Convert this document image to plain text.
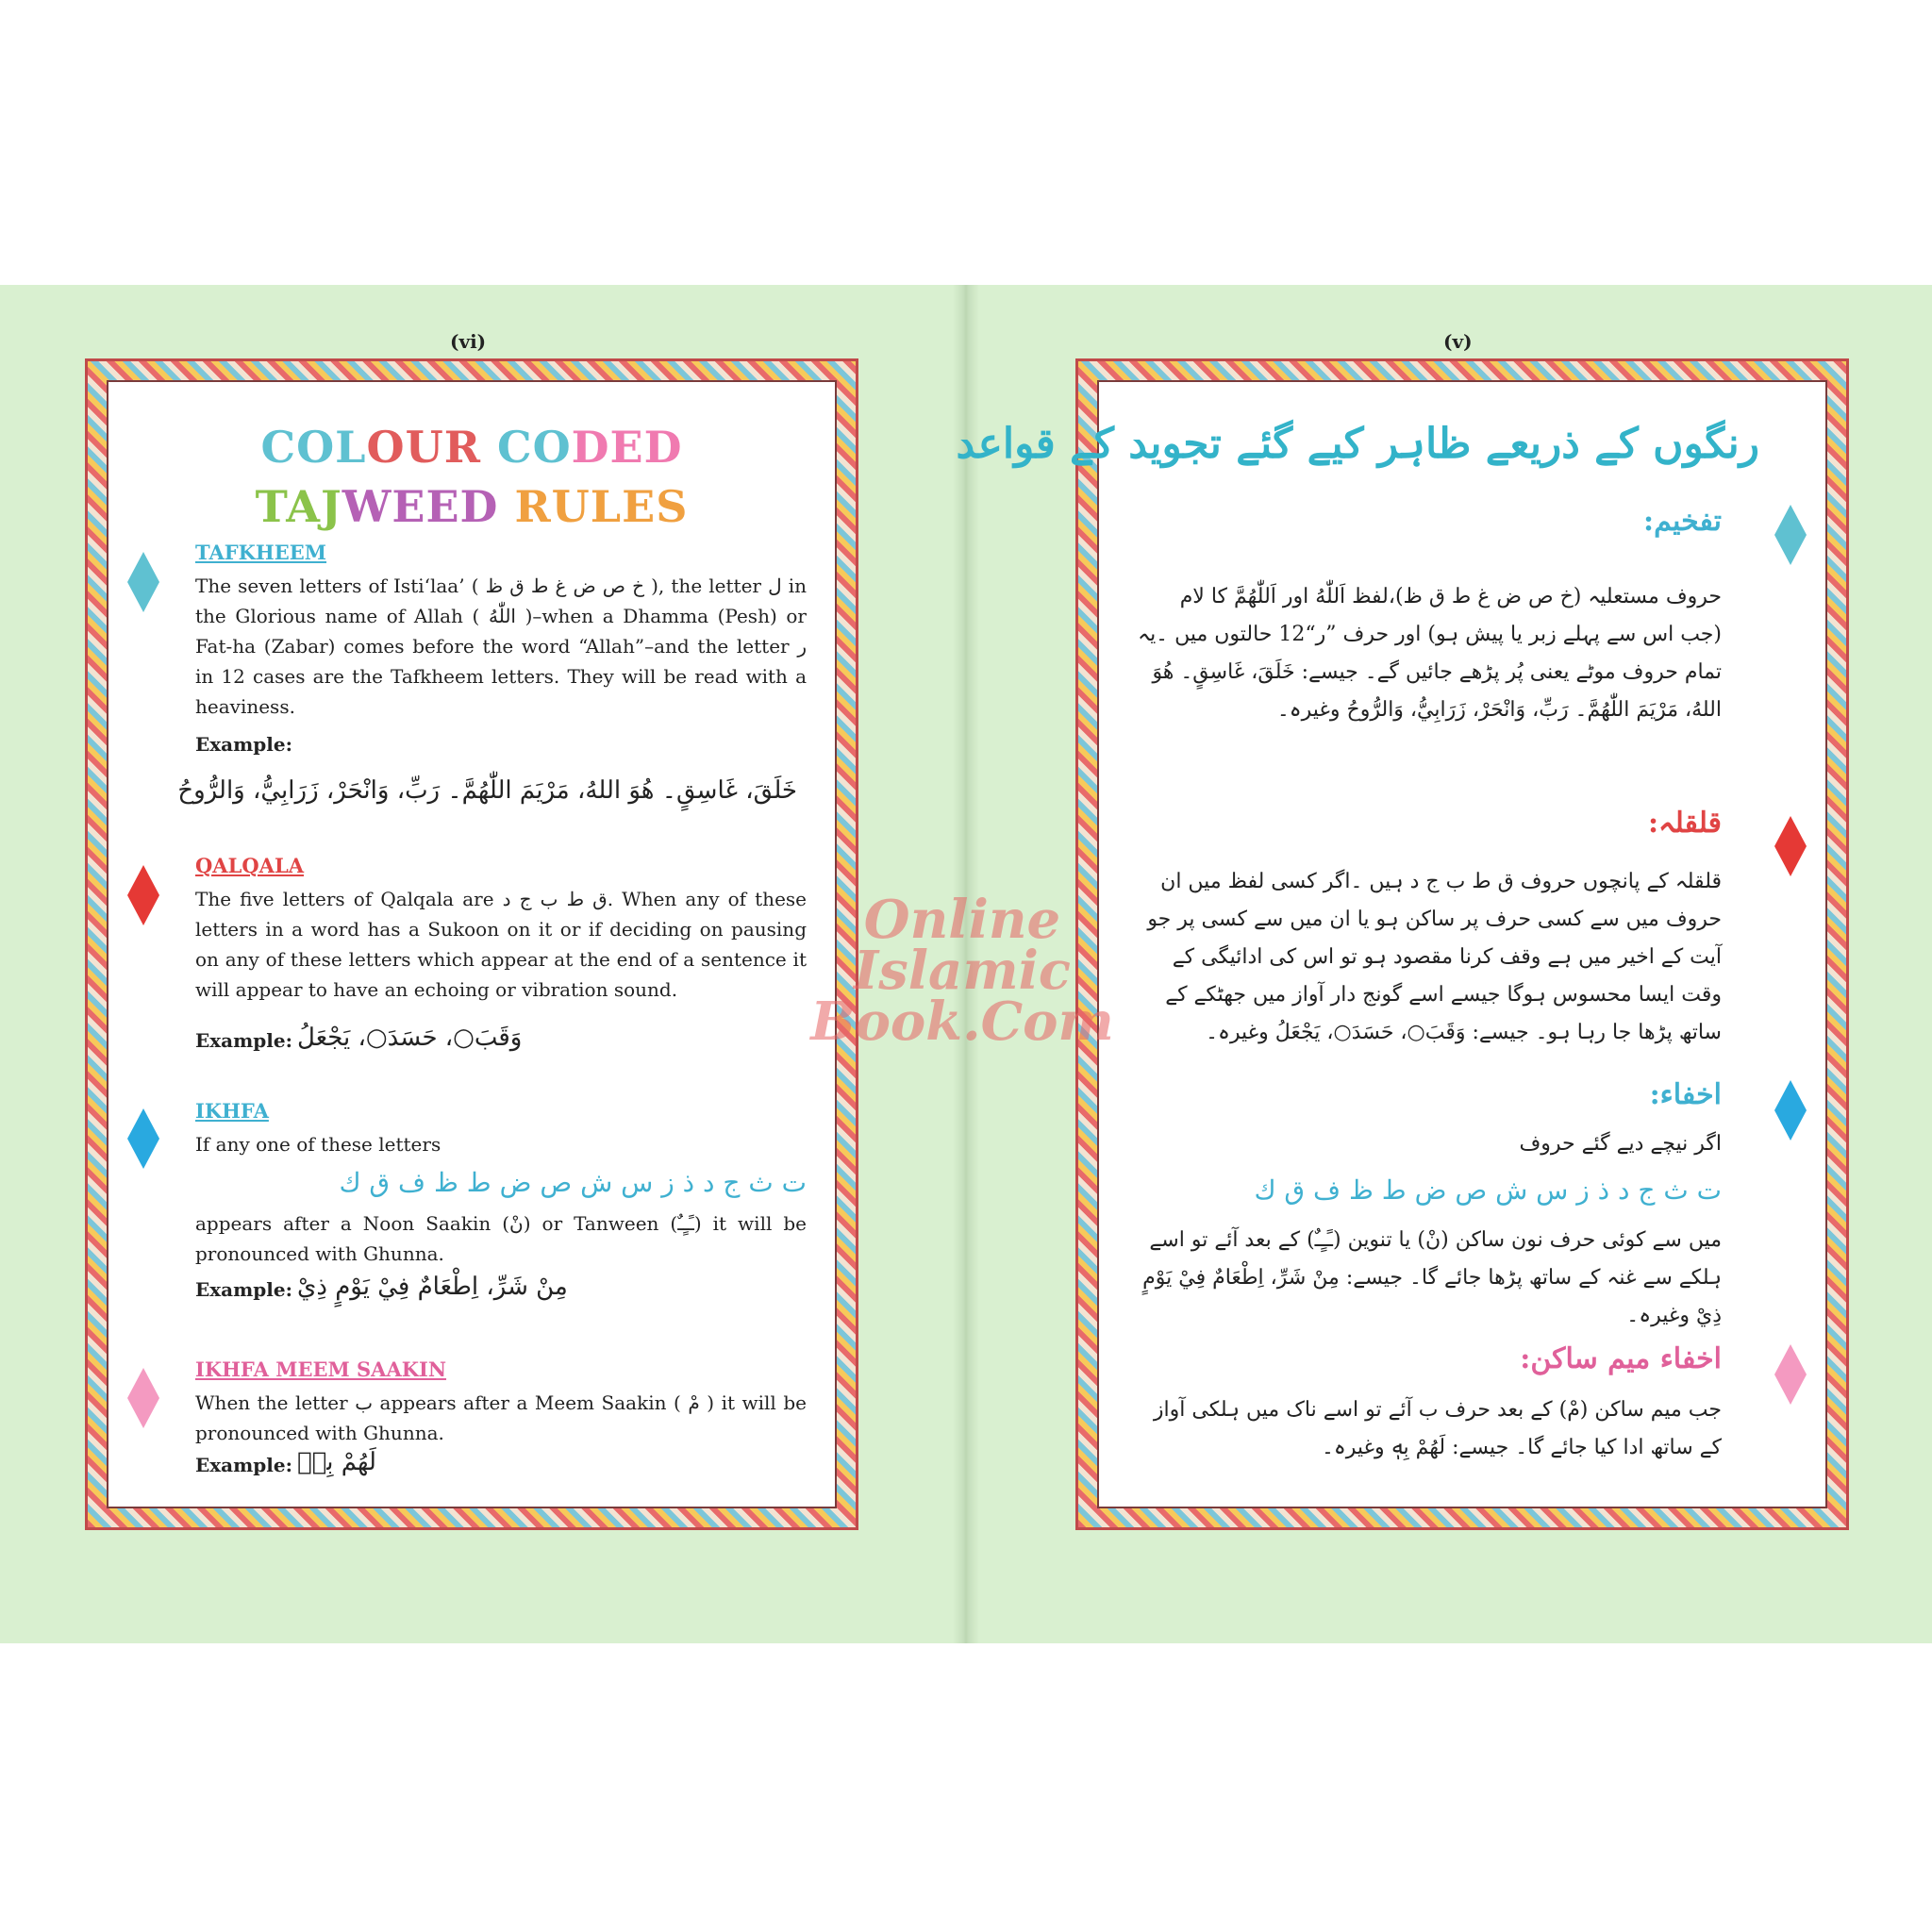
(vi)
COLOUR CODED
TAJWEED RULES
TAFKHEEM
The seven letters of Isti‘laa’ ( خ ص ض غ ط ق ظ ), the letter ل in the Glorious name of Allah ( اللّٰهُ )–when a Dhamma (Pesh) or Fat-ha (Zabar) comes before the word “Allah”–and the letter ر in 12 cases are the Tafkheem letters. They will be read with a heaviness.
Example:
خَلَقَ، غَاسِقٍ۔ هُوَ اللهُ، مَرْيَمَ اللّٰهُمَّ۔ رَبِّ، وَانْحَرْ، زَرَابِيُّ، وَالرُّوحُ
QALQALA
The five letters of Qalqala are ق ط ب ج د. When any of these letters in a word has a Sukoon on it or if deciding on pausing on any of these letters which appear at the end of a sentence it will appear to have an echoing or vibration sound.
Example: وَقَبَ○، حَسَدَ○، يَجْعَلُ
IKHFA
If any one of these letters
ت ث ج د ذ ز س ش ص ض ط ظ ف ق ك
appears after a Noon Saakin (نْ) or Tanween (ـًـٍـٌ) it will be pronounced with Ghunna.
Example: مِنْ شَرِّ، اِطْعَامٌ فِيْ يَوْمٍ ذِيْ
IKHFA MEEM SAAKIN
When the letter ب appears after a Meem Saakin ( مْ ) it will be pronounced with Ghunna.
Example: لَهُمْ بِهٖ
(v)
رنگوں کے ذریعے ظاہر کیے گئے تجوید کے قواعد
تفخیم:
حروف مستعلیہ (خ ص ض غ ط ق ظ)،لفظ اَللّٰهُ اور اَللّٰهُمَّ کا لام (جب اس سے پہلے زبر یا پیش ہو) اور حرف ”ر“12 حالتوں میں ۔یہ تمام حروف موٹے یعنی پُر پڑھے جائیں گے۔ جیسے: خَلَقَ، غَاسِقٍ۔ هُوَ اللهُ، مَرْيَمَ اللّٰهُمَّ۔ رَبِّ، وَانْحَرْ، زَرَابِيُّ، وَالرُّوحُ وغیرہ۔
قلقلہ:
قلقلہ کے پانچوں حروف ق ط ب ج د ہیں ۔اگر کسی لفظ میں ان حروف میں سے کسی حرف پر ساکن ہو یا ان میں سے کسی پر جو آیت کے اخیر میں ہے وقف کرنا مقصود ہو تو اس کی ادائیگی کے وقت ایسا محسوس ہوگا جیسے اسے گونج دار آواز میں جھٹکے کے ساتھ پڑھا جا رہا ہو۔ جیسے: وَقَبَ○، حَسَدَ○، يَجْعَلُ وغیرہ۔
اخفاء:
اگر نیچے دیے گئے حروف
ت ث ج د ذ ز س ش ص ض ط ظ ف ق ك
میں سے کوئی حرف نون ساکن (نْ) یا تنوین (ـًـٍـٌ) کے بعد آئے تو اسے ہلکے سے غنہ کے ساتھ پڑھا جائے گا۔ جیسے: مِنْ شَرِّ، اِطْعَامٌ فِيْ يَوْمٍ ذِيْ وغیرہ۔
اخفاء میم ساکن:
جب میم ساکن (مْ) کے بعد حرف ب آئے تو اسے ناک میں ہلکی آواز کے ساتھ ادا کیا جائے گا۔ جیسے: لَهُمْ بِهٖ وغیرہ۔
Online Islamic
Book.Com
